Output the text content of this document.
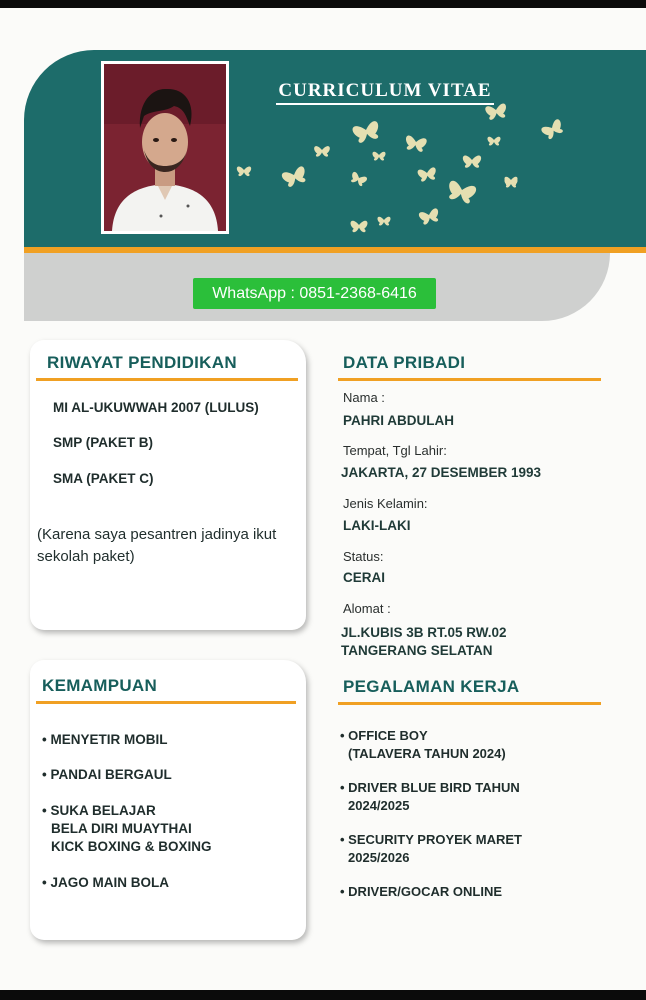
CURRICULUM VITAE
WhatsApp : 0851-2368-6416
RIWAYAT PENDIDIKAN
MI AL-UKUWWAH 2007 (LULUS)
SMP (PAKET B)
SMA (PAKET C)
(Karena saya pesantren jadinya ikut
sekolah paket)
DATA PRIBADI
Nama :
PAHRI ABDULAH
Tempat, Tgl Lahir:
JAKARTA, 27 DESEMBER 1993
Jenis Kelamin:
LAKI-LAKI
Status:
CERAI
Alomat :
JL.KUBIS 3B RT.05 RW.02
TANGERANG SELATAN
KEMAMPUAN
• MENYETIR MOBIL
• PANDAI BERGAUL
• SUKA BELAJAR
BELA DIRI MUAYTHAI
KICK BOXING & BOXING
• JAGO MAIN BOLA
PEGALAMAN KERJA
• OFFICE BOY
(TALAVERA TAHUN 2024)
• DRIVER BLUE BIRD TAHUN
2024/2025
• SECURITY PROYEK MARET
2025/2026
• DRIVER/GOCAR ONLINE
